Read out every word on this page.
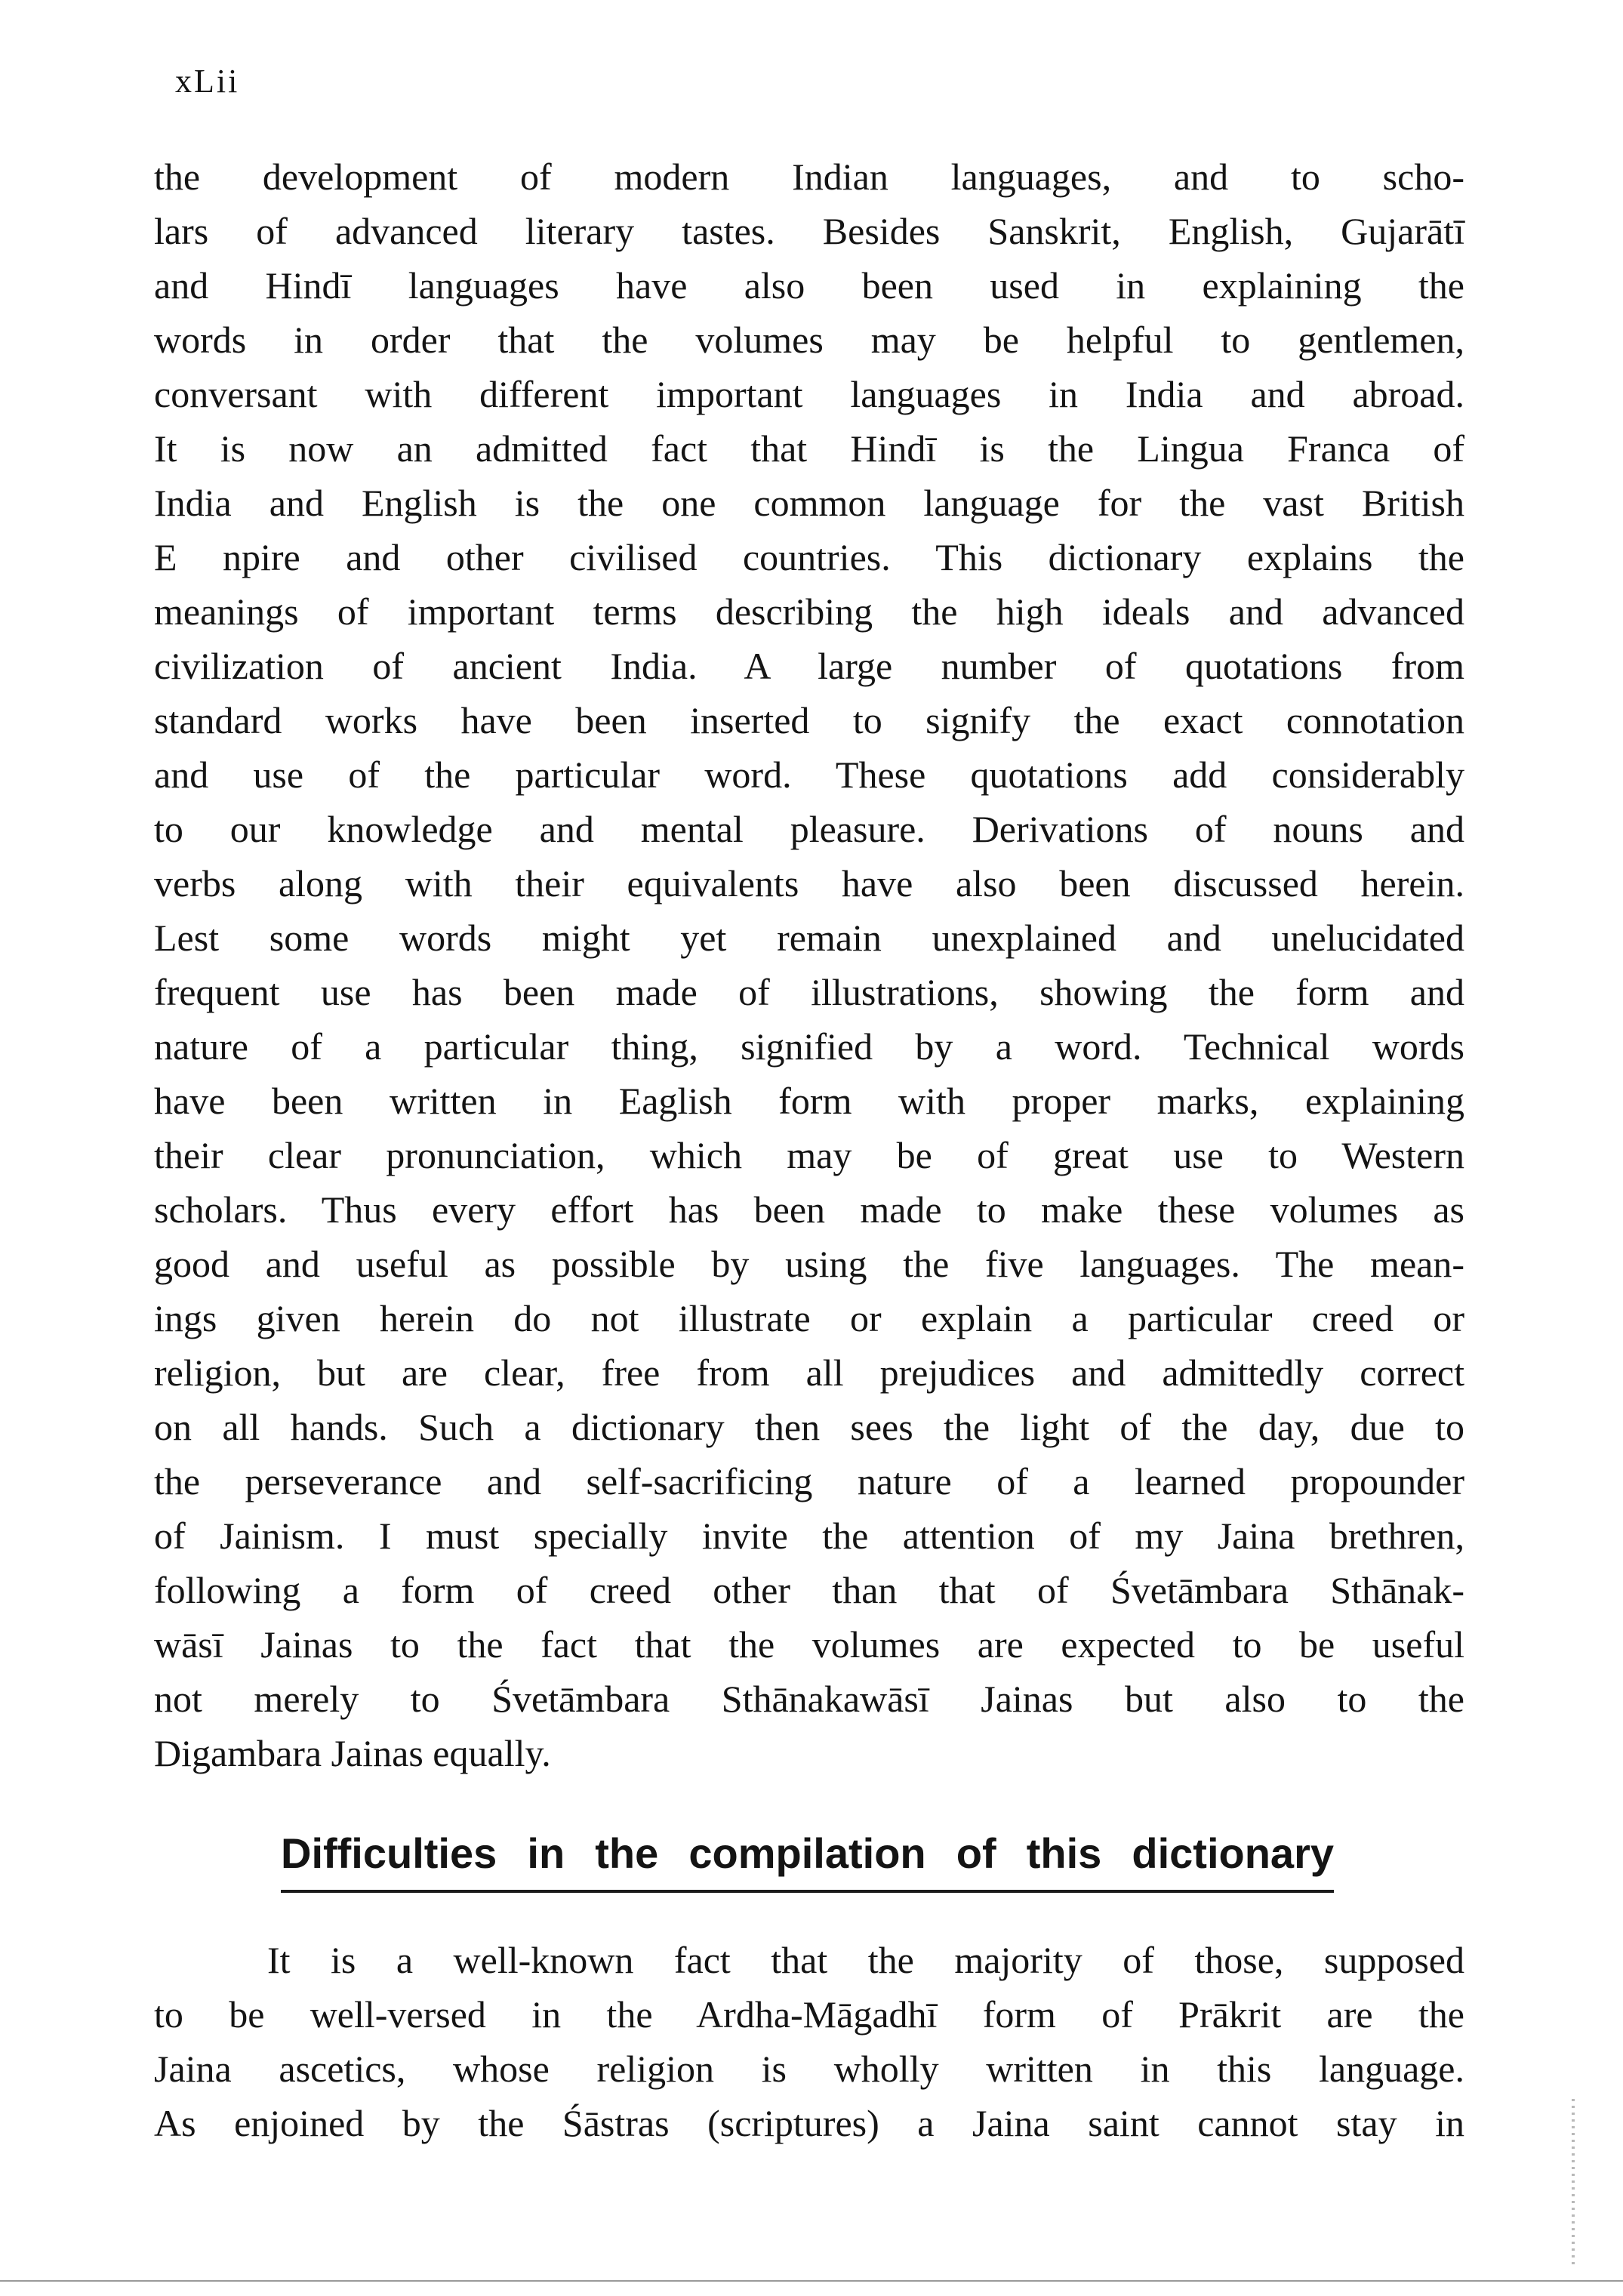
xLii
the development of modern Indian languages, and to scho-
lars of advanced literary tastes. Besides Sanskrit, English, Gujarātī
and Hindī languages have also been used in explaining the
words in order that the volumes may be helpful to gentlemen,
conversant with different important languages in India and abroad.
It is now an admitted fact that Hindī is the Lingua Franca of
India and English is the one common language for the vast British
E npire and other civilised countries. This dictionary explains the
meanings of important terms describing the high ideals and advanced
civilization of ancient India. A large number of quotations from
standard works have been inserted to signify the exact connotation
and use of the particular word. These quotations add considerably
to our knowledge and mental pleasure. Derivations of nouns and
verbs along with their equivalents have also been discussed herein.
Lest some words might yet remain unexplained and unelucidated
frequent use has been made of illustrations, showing the form and
nature of a particular thing, signified by a word. Technical words
have been written in Eaglish form with proper marks, explaining
their clear pronunciation, which may be of great use to Western
scholars. Thus every effort has been made to make these volumes as
good and useful as possible by using the five languages. The mean-
ings given herein do not illustrate or explain a particular creed or
religion, but are clear, free from all prejudices and admittedly correct
on all hands. Such a dictionary then sees the light of the day, due to
the perseverance and self-sacrificing nature of a learned propounder
of Jainism. I must specially invite the attention of my Jaina brethren,
following a form of creed other than that of Śvetāmbara Sthānak-
wāsī Jainas to the fact that the volumes are expected to be useful
not merely to Śvetāmbara Sthānakawāsī Jainas but also to the
Digambara Jainas equally.
Difficulties in the compilation of this dictionary
It is a well-known fact that the majority of those, supposed
to be well-versed in the Ardha-Māgadhī form of Prākrit are the
Jaina ascetics, whose religion is wholly written in this language.
As enjoined by the Śāstras (scriptures) a Jaina saint cannot stay in
